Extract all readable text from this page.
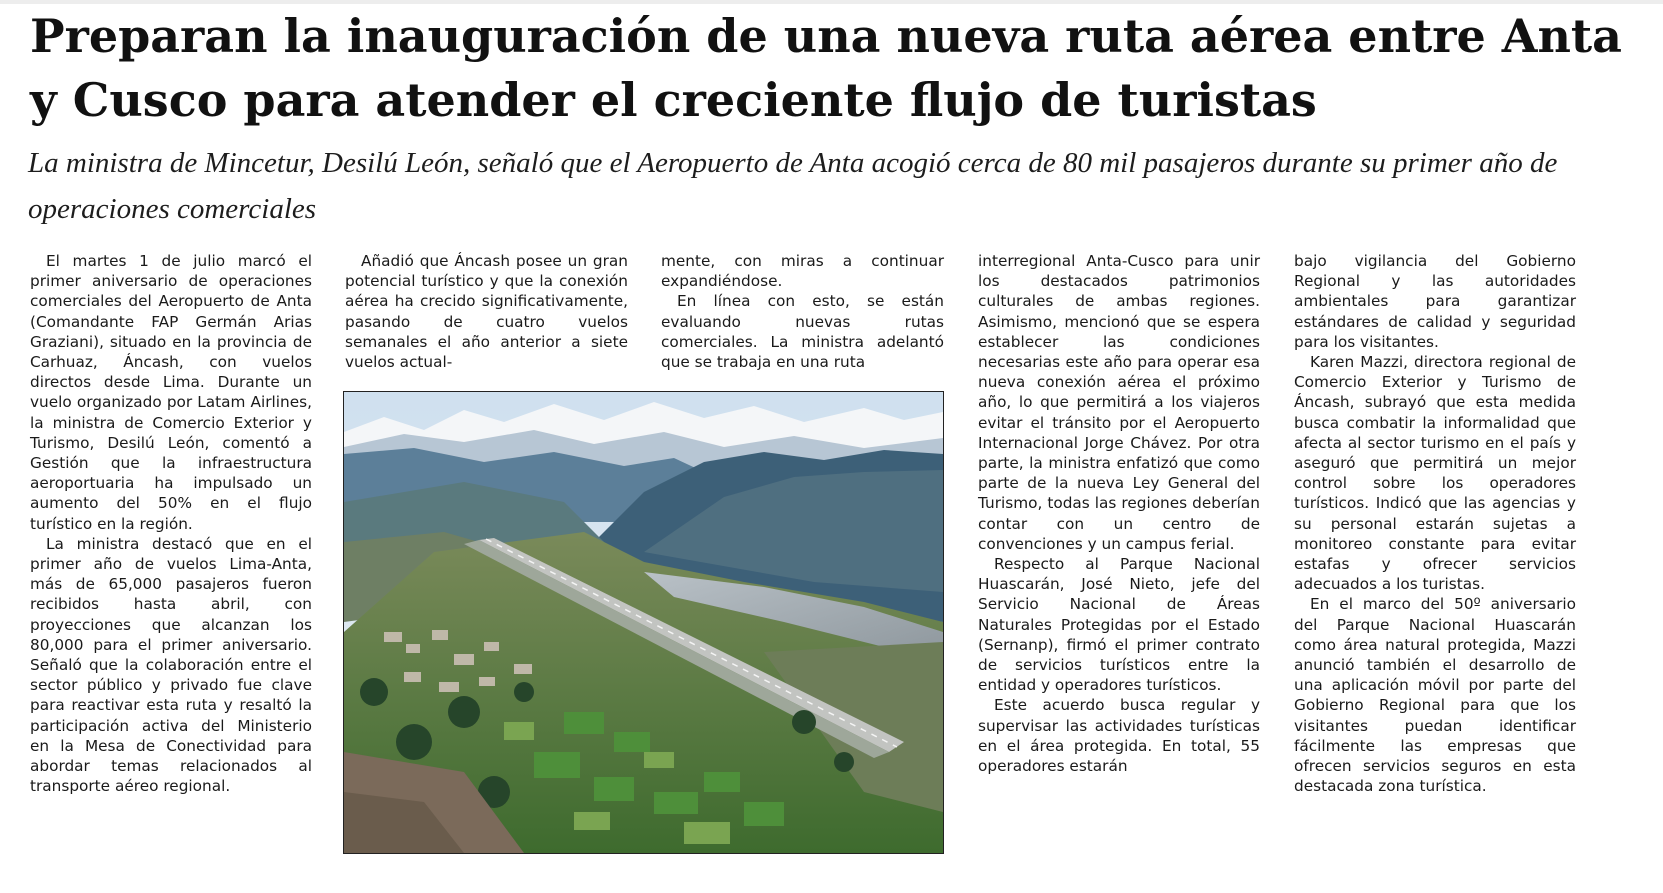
Preparan la inauguración de una nueva ruta aérea entre Anta y Cusco para atender el creciente flujo de turistas

La ministra de Mincetur, Desilú León, señaló que el Aeropuerto de Anta acogió cerca de 80 mil pasajeros durante su primer año de operaciones comerciales

El martes 1 de julio marcó el primer aniversario de operaciones comerciales del Aeropuerto de Anta (Comandante FAP Germán Arias Graziani), situado en la provincia de Carhuaz, Áncash, con vuelos directos desde Lima. Durante un vuelo organizado por Latam Airlines, la ministra de Comercio Exterior y Turismo, Desilú León, comentó a Gestión que la infraestructura aeroportuaria ha impulsado un aumento del 50% en el flujo turístico en la región.

La ministra destacó que en el primer año de vuelos Lima-Anta, más de 65,000 pasajeros fueron recibidos hasta abril, con proyecciones que alcanzan los 80,000 para el primer aniversario. Señaló que la colaboración entre el sector público y privado fue clave para reactivar esta ruta y resaltó la participación activa del Ministerio en la Mesa de Conectividad para abordar temas relacionados al transporte aéreo regional.

Añadió que Áncash posee un gran potencial turístico y que la conexión aérea ha crecido significativamente, pasando de cuatro vuelos semanales el año anterior a siete vuelos actual-

mente, con miras a continuar expandiéndose.

En línea con esto, se están evaluando nuevas rutas comerciales. La ministra adelantó que se trabaja en una ruta

interregional Anta-Cusco para unir los destacados patrimonios culturales de ambas regiones. Asimismo, mencionó que se espera establecer las condiciones necesarias este año para operar esa nueva conexión aérea el próximo año, lo que permitirá a los viajeros evitar el tránsito por el Aeropuerto Internacional Jorge Chávez. Por otra parte, la ministra enfatizó que como parte de la nueva Ley General del Turismo, todas las regiones deberían contar con un centro de convenciones y un campus ferial.

Respecto al Parque Nacional Huascarán, José Nieto, jefe del Servicio Nacional de Áreas Naturales Protegidas por el Estado (Sernanp), firmó el primer contrato de servicios turísticos entre la entidad y operadores turísticos.

Este acuerdo busca regular y supervisar las actividades turísticas en el área protegida. En total, 55 operadores estarán

bajo vigilancia del Gobierno Regional y las autoridades ambientales para garantizar estándares de calidad y seguridad para los visitantes.

Karen Mazzi, directora regional de Comercio Exterior y Turismo de Áncash, subrayó que esta medida busca combatir la informalidad que afecta al sector turismo en el país y aseguró que permitirá un mejor control sobre los operadores turísticos. Indicó que las agencias y su personal estarán sujetas a monitoreo constante para evitar estafas y ofrecer servicios adecuados a los turistas.

En el marco del 50º aniversario del Parque Nacional Huascarán como área natural protegida, Mazzi anunció también el desarrollo de una aplicación móvil por parte del Gobierno Regional para que los visitantes puedan identificar fácilmente las empresas que ofrecen servicios seguros en esta destacada zona turística.
